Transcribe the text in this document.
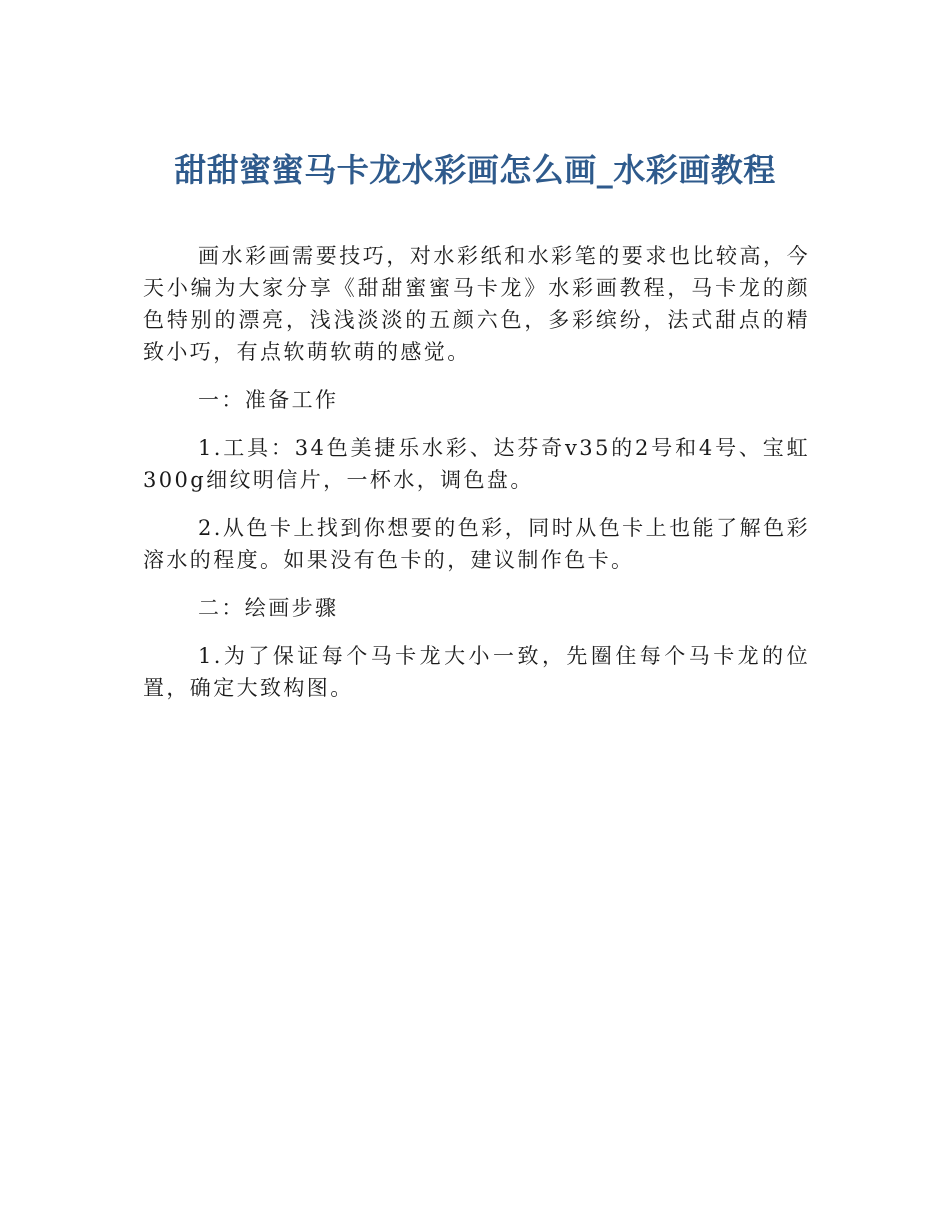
甜甜蜜蜜马卡龙水彩画怎么画_水彩画教程

画水彩画需要技巧，对水彩纸和水彩笔的要求也比较高，今天小编为大家分享《甜甜蜜蜜马卡龙》水彩画教程，马卡龙的颜色特别的漂亮，浅浅淡淡的五颜六色，多彩缤纷，法式甜点的精致小巧，有点软萌软萌的感觉。

一：准备工作

1.工具：34色美捷乐水彩、达芬奇v35的2号和4号、宝虹300g细纹明信片，一杯水，调色盘。

2.从色卡上找到你想要的色彩，同时从色卡上也能了解色彩溶水的程度。如果没有色卡的，建议制作色卡。

二：绘画步骤

1.为了保证每个马卡龙大小一致，先圈住每个马卡龙的位置，确定大致构图。
